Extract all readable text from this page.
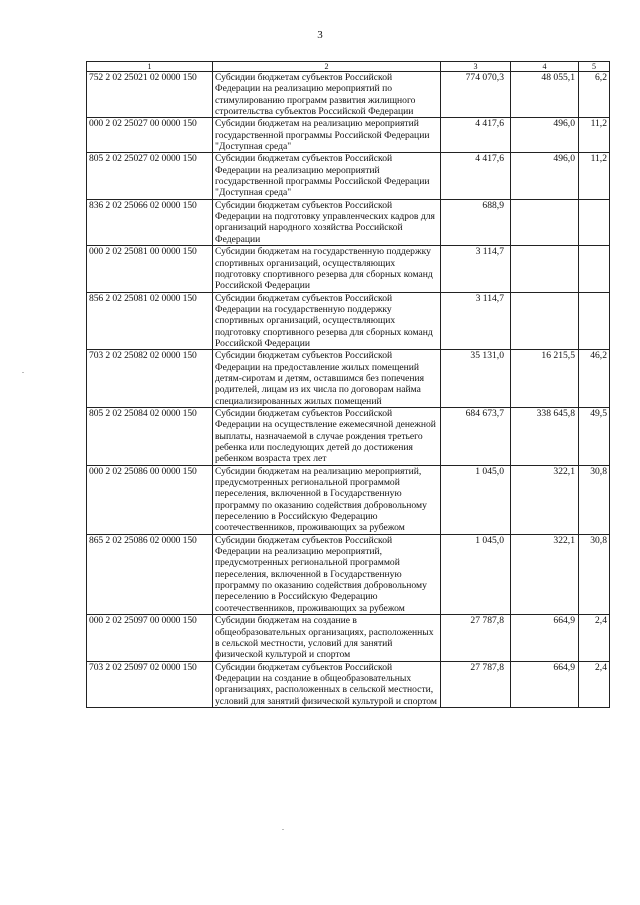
3
1	2	3	4	5
752 2 02 25021 02 0000 150	Субсидии бюджетам субъектов Российской Федерации на реализацию мероприятий по стимулированию программ развития жилищного строительства субъектов Российской Федерации	774 070,3	48 055,1	6,2
000 2 02 25027 00 0000 150	Субсидии бюджетам на реализацию мероприятий государственной программы Российской Федерации "Доступная среда"	4 417,6	496,0	11,2
805 2 02 25027 02 0000 150	Субсидии бюджетам субъектов Российской Федерации на реализацию мероприятий государственной программы Российской Федерации "Доступная среда"	4 417,6	496,0	11,2
836 2 02 25066 02 0000 150	Субсидии бюджетам субъектов Российской Федерации на подготовку управленческих кадров для организаций народного хозяйства Российской Федерации	688,9		
000 2 02 25081 00 0000 150	Субсидии бюджетам на государственную поддержку спортивных организаций, осуществляющих подготовку спортивного резерва для сборных команд Российской Федерации	3 114,7		
856 2 02 25081 02 0000 150	Субсидии бюджетам субъектов Российской Федерации на государственную поддержку спортивных организаций, осуществляющих подготовку спортивного резерва для сборных команд Российской Федерации	3 114,7		
703 2 02 25082 02 0000 150	Субсидии бюджетам субъектов Российской Федерации на предоставление жилых помещений детям-сиротам и детям, оставшимся без попечения родителей, лицам из их числа по договорам найма специализированных жилых помещений	35 131,0	16 215,5	46,2
805 2 02 25084 02 0000 150	Субсидии бюджетам субъектов Российской Федерации на осуществление ежемесячной денежной выплаты, назначаемой в случае рождения третьего ребенка или последующих детей до достижения ребенком возраста трех лет	684 673,7	338 645,8	49,5
000 2 02 25086 00 0000 150	Субсидии бюджетам на реализацию мероприятий, предусмотренных региональной программой переселения, включенной в Государственную программу по оказанию содействия добровольному переселению в Российскую Федерацию соотечественников, проживающих за рубежом	1 045,0	322,1	30,8
865 2 02 25086 02 0000 150	Субсидии бюджетам субъектов Российской Федерации на реализацию мероприятий, предусмотренных региональной программой переселения, включенной в Государственную программу по оказанию содействия добровольному переселению в Российскую Федерацию соотечественников, проживающих за рубежом	1 045,0	322,1	30,8
000 2 02 25097 00 0000 150	Субсидии бюджетам на создание в общеобразовательных организациях, расположенных в сельской местности, условий для занятий физической культурой и спортом	27 787,8	664,9	2,4
703 2 02 25097 02 0000 150	Субсидии бюджетам субъектов Российской Федерации на создание в общеобразовательных организациях, расположенных в сельской местности, условий для занятий физической культурой и спортом	27 787,8	664,9	2,4
